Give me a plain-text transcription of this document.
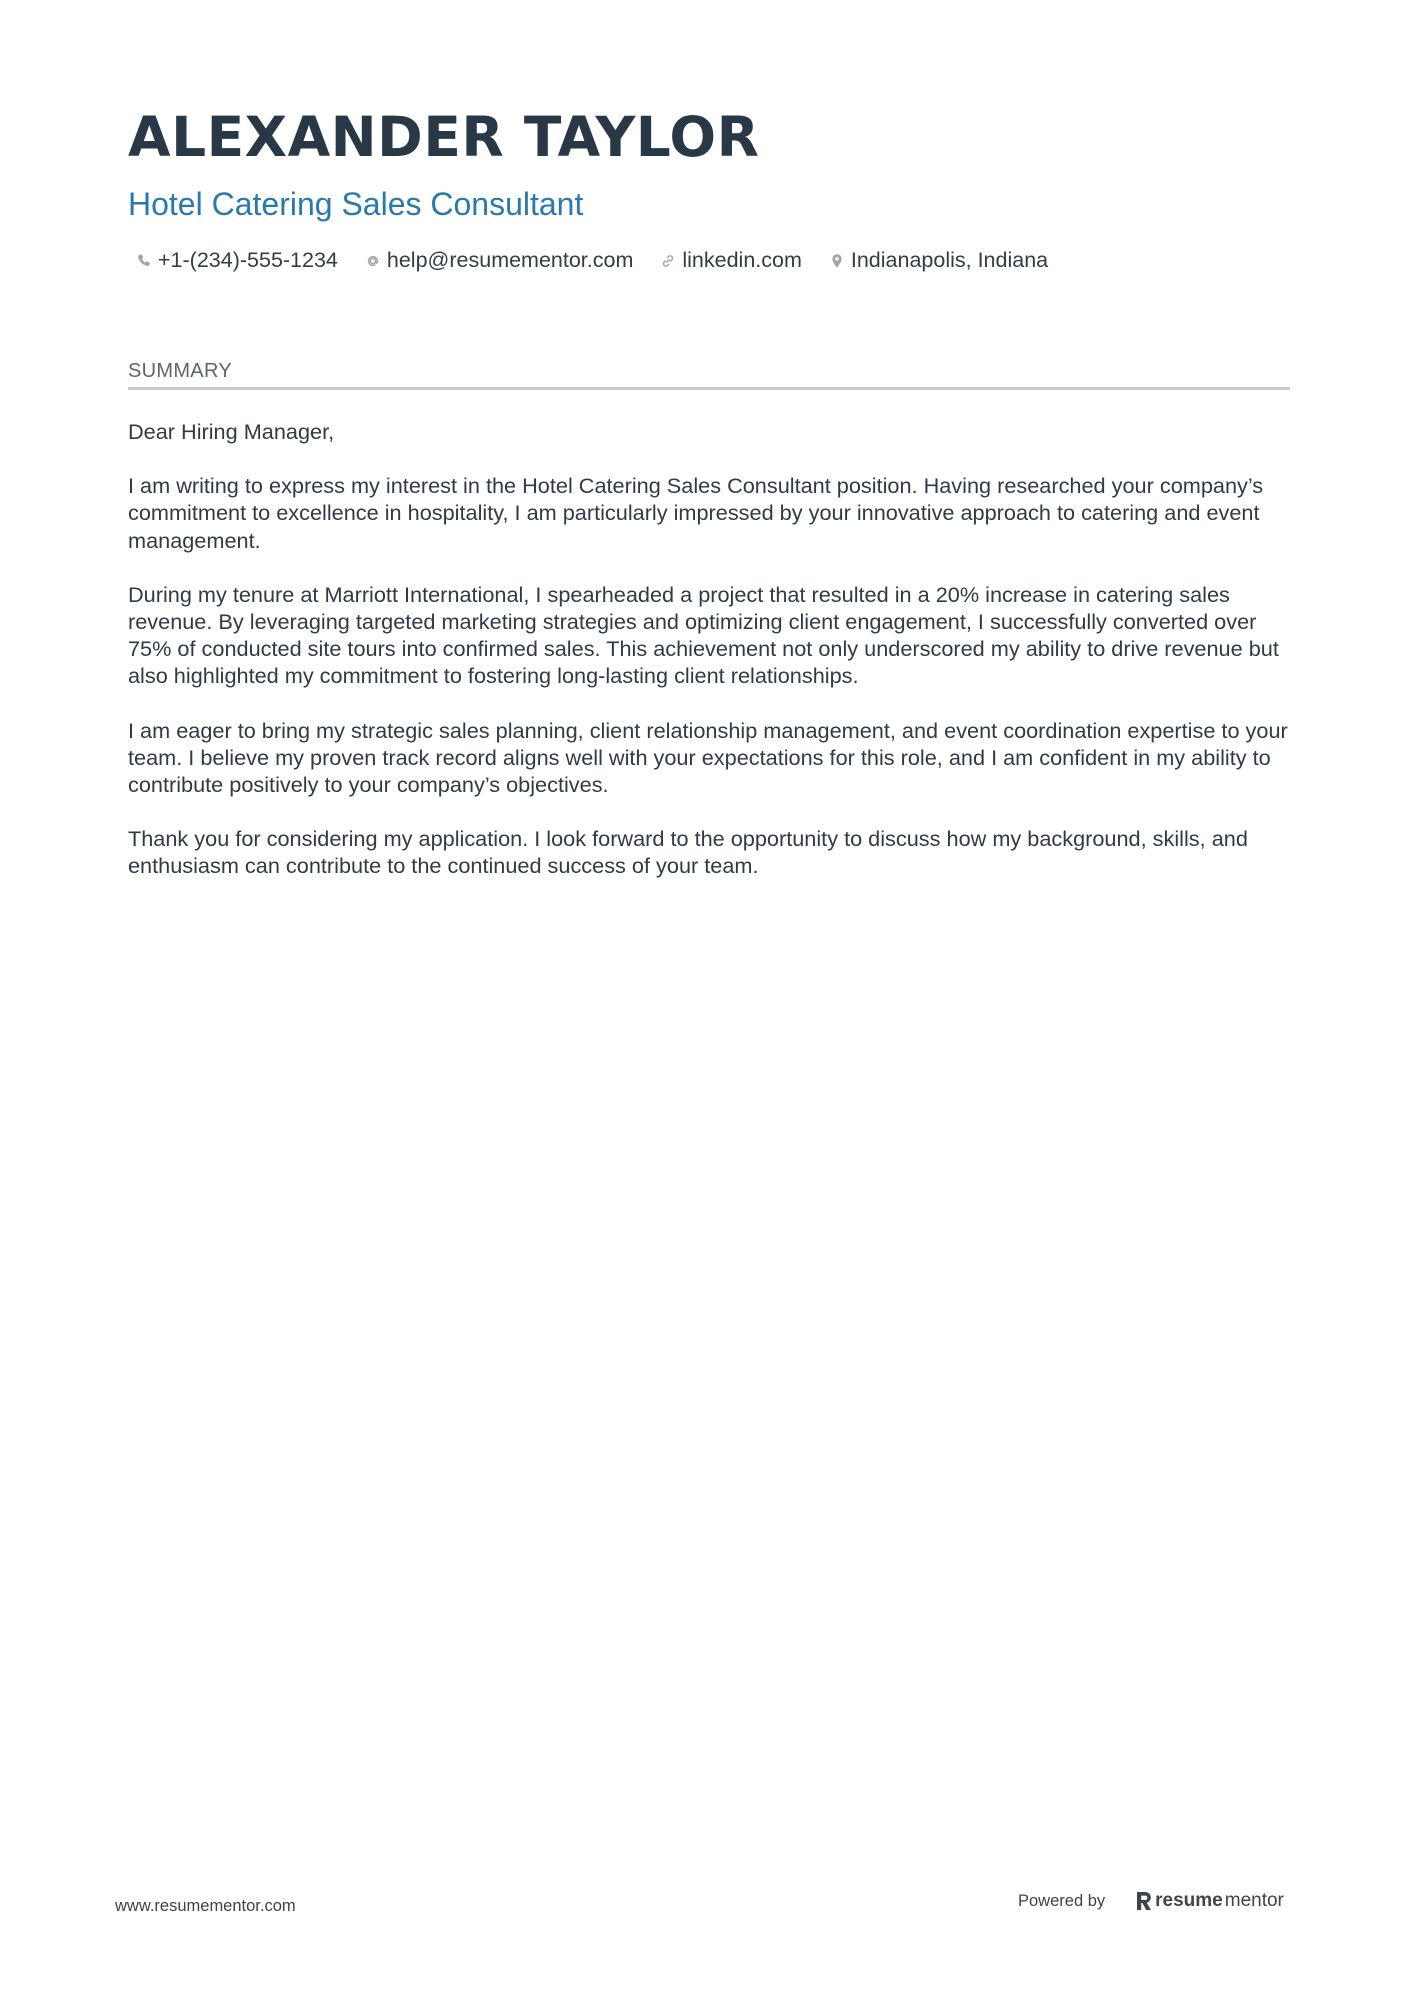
ALEXANDER TAYLOR
Hotel Catering Sales Consultant
+1-(234)-555-1234 help@resumementor.com linkedin.com Indianapolis, Indiana
SUMMARY

Dear Hiring Manager,

I am writing to express my interest in the Hotel Catering Sales Consultant position. Having researched your company’s commitment to excellence in hospitality, I am particularly impressed by your innovative approach to catering and event management.

During my tenure at Marriott International, I spearheaded a project that resulted in a 20% increase in catering sales revenue. By leveraging targeted marketing strategies and optimizing client engagement, I successfully converted over 75% of conducted site tours into confirmed sales. This achievement not only underscored my ability to drive revenue but also highlighted my commitment to fostering long-lasting client relationships.

I am eager to bring my strategic sales planning, client relationship management, and event coordination expertise to your team. I believe my proven track record aligns well with your expectations for this role, and I am confident in my ability to contribute positively to your company’s objectives.

Thank you for considering my application. I look forward to the opportunity to discuss how my background, skills, and enthusiasm can contribute to the continued success of your team.

www.resumementor.com	Powered by	resume mentor
